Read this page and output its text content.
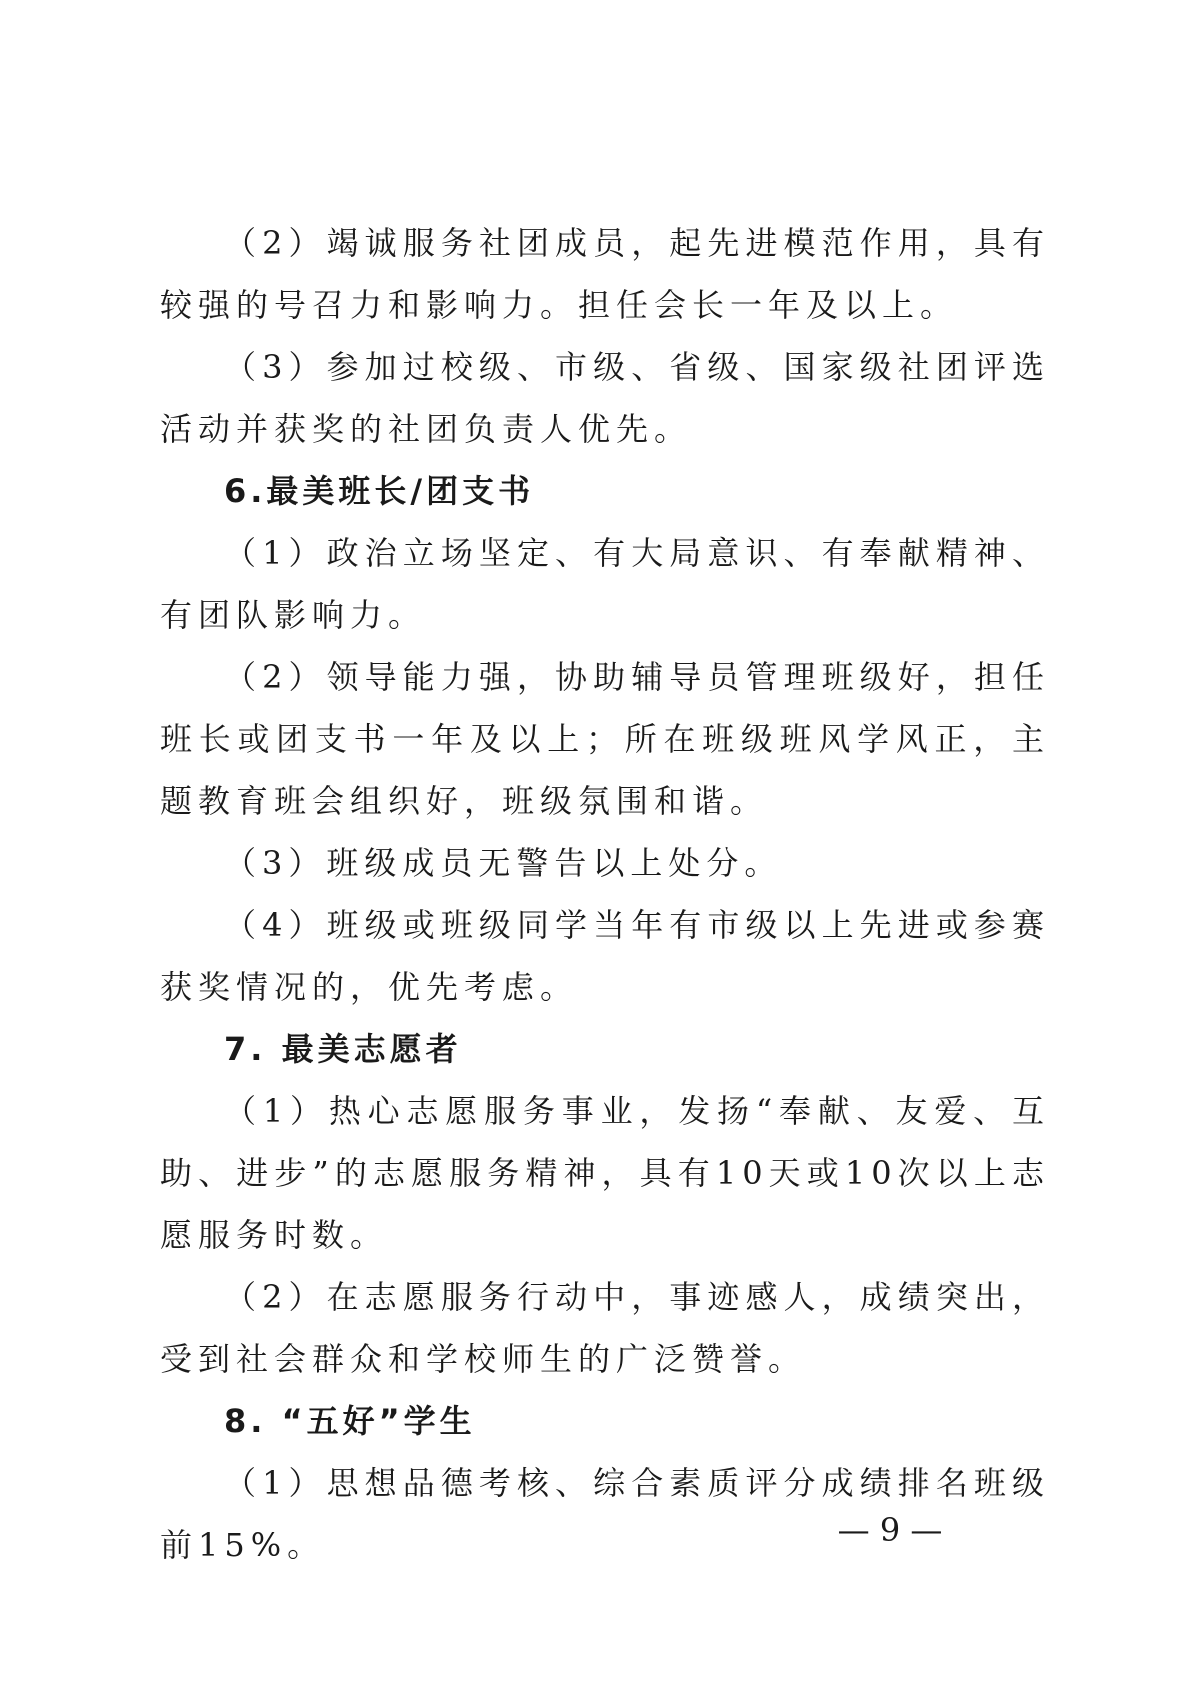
（2）竭诚服务社团成员，起先进模范作用，具有较强的号召力和影响力。担任会长一年及以上。

（3）参加过校级、市级、省级、国家级社团评选活动并获奖的社团负责人优先。

6.最美班长/团支书

（1）政治立场坚定、有大局意识、有奉献精神、有团队影响力。

（2）领导能力强，协助辅导员管理班级好，担任班长或团支书一年及以上；所在班级班风学风正，主题教育班会组织好，班级氛围和谐。

（3）班级成员无警告以上处分。

（4）班级或班级同学当年有市级以上先进或参赛获奖情况的，优先考虑。

7. 最美志愿者

（1）热心志愿服务事业，发扬“奉献、友爱、互助、进步”的志愿服务精神，具有10天或10次以上志愿服务时数。

（2）在志愿服务行动中，事迹感人，成绩突出，受到社会群众和学校师生的广泛赞誉。

8. “五好”学生

（1）思想品德考核、综合素质评分成绩排名班级前15%。	— 9 —
